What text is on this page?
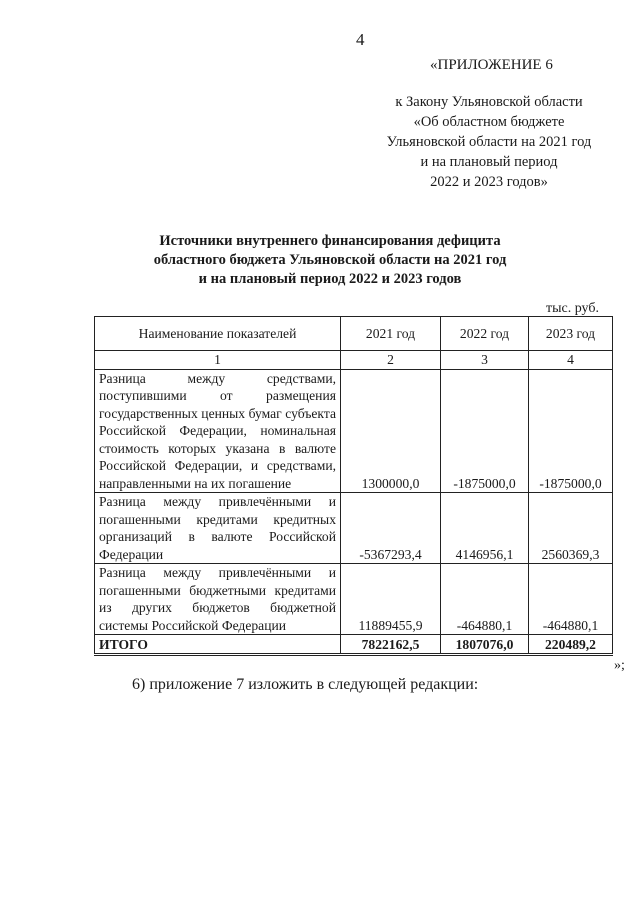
4
«ПРИЛОЖЕНИЕ 6
к Закону Ульяновской области
«Об областном бюджете
Ульяновской области на 2021 год
и на плановый период
2022 и 2023 годов»
Источники внутреннего финансирования дефицита
областного бюджета Ульяновской области на 2021 год
и на плановый период 2022 и 2023 годов
тыс. руб.
Наименование показателей	2021 год	2022 год	2023 год
1	2	3	4
Разница между средствами, поступившими от размещения государственных ценных бумаг субъекта Российской Федерации, номинальная стоимость которых указана в валюте Российской Федерации, и средствами, направленными на их погашение	1300000,0	-1875000,0	-1875000,0
Разница между привлечёнными и погашенными кредитами кредитных организаций в валюте Российской Федерации	-5367293,4	4146956,1	2560369,3
Разница между привлечёнными и погашенными бюджетными кредитами из других бюджетов бюджетной системы Российской Федерации	11889455,9	-464880,1	-464880,1
ИТОГО	7822162,5	1807076,0	220489,2
»;
6) приложение 7 изложить в следующей редакции:
